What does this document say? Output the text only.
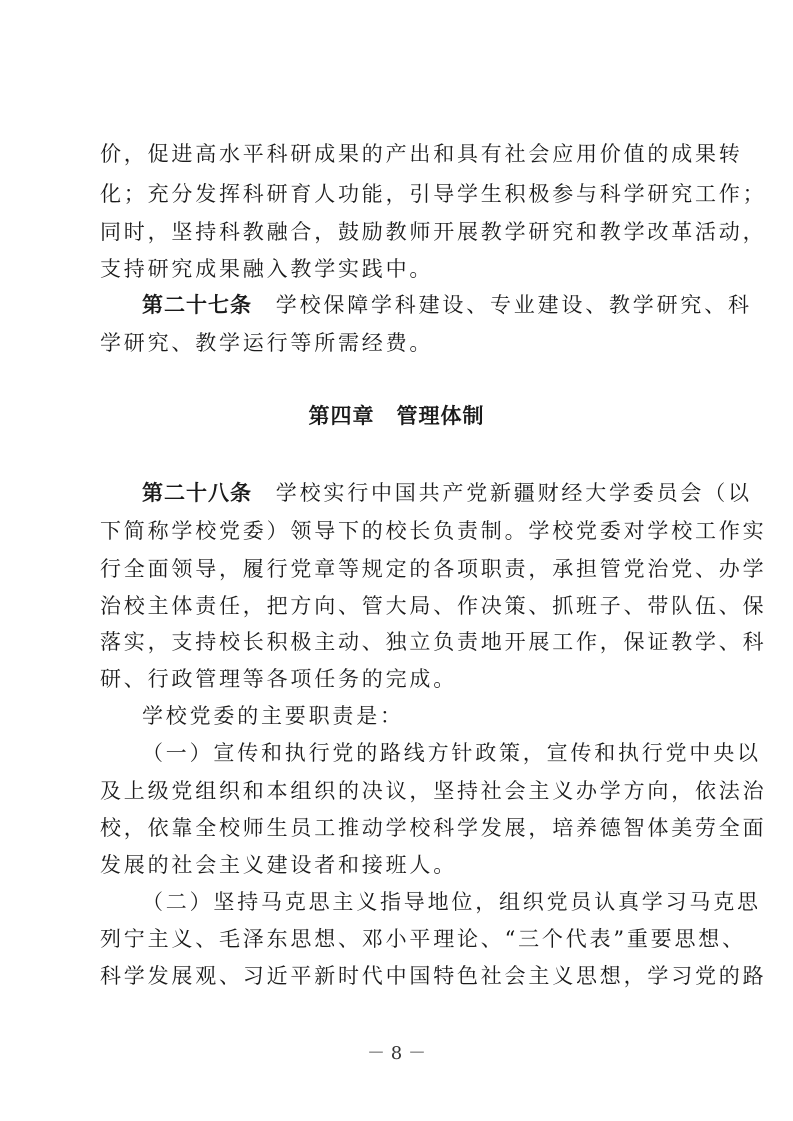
价，促进高水平科研成果的产出和具有社会应用价值的成果转
化；充分发挥科研育人功能，引导学生积极参与科学研究工作；
同时，坚持科教融合，鼓励教师开展教学研究和教学改革活动，
支持研究成果融入教学实践中。
第二十七条　学校保障学科建设、专业建设、教学研究、科
学研究、教学运行等所需经费。
第四章　管理体制
第二十八条　学校实行中国共产党新疆财经大学委员会（以
下简称学校党委）领导下的校长负责制。学校党委对学校工作实
行全面领导，履行党章等规定的各项职责，承担管党治党、办学
治校主体责任，把方向、管大局、作决策、抓班子、带队伍、保
落实，支持校长积极主动、独立负责地开展工作，保证教学、科
研、行政管理等各项任务的完成。
学校党委的主要职责是：
（一）宣传和执行党的路线方针政策，宣传和执行党中央以
及上级党组织和本组织的决议，坚持社会主义办学方向，依法治
校，依靠全校师生员工推动学校科学发展，培养德智体美劳全面
发展的社会主义建设者和接班人。
（二）坚持马克思主义指导地位，组织党员认真学习马克思
列宁主义、毛泽东思想、邓小平理论、“三个代表”重要思想、
科学发展观、习近平新时代中国特色社会主义思想，学习党的路
－ 8 －
